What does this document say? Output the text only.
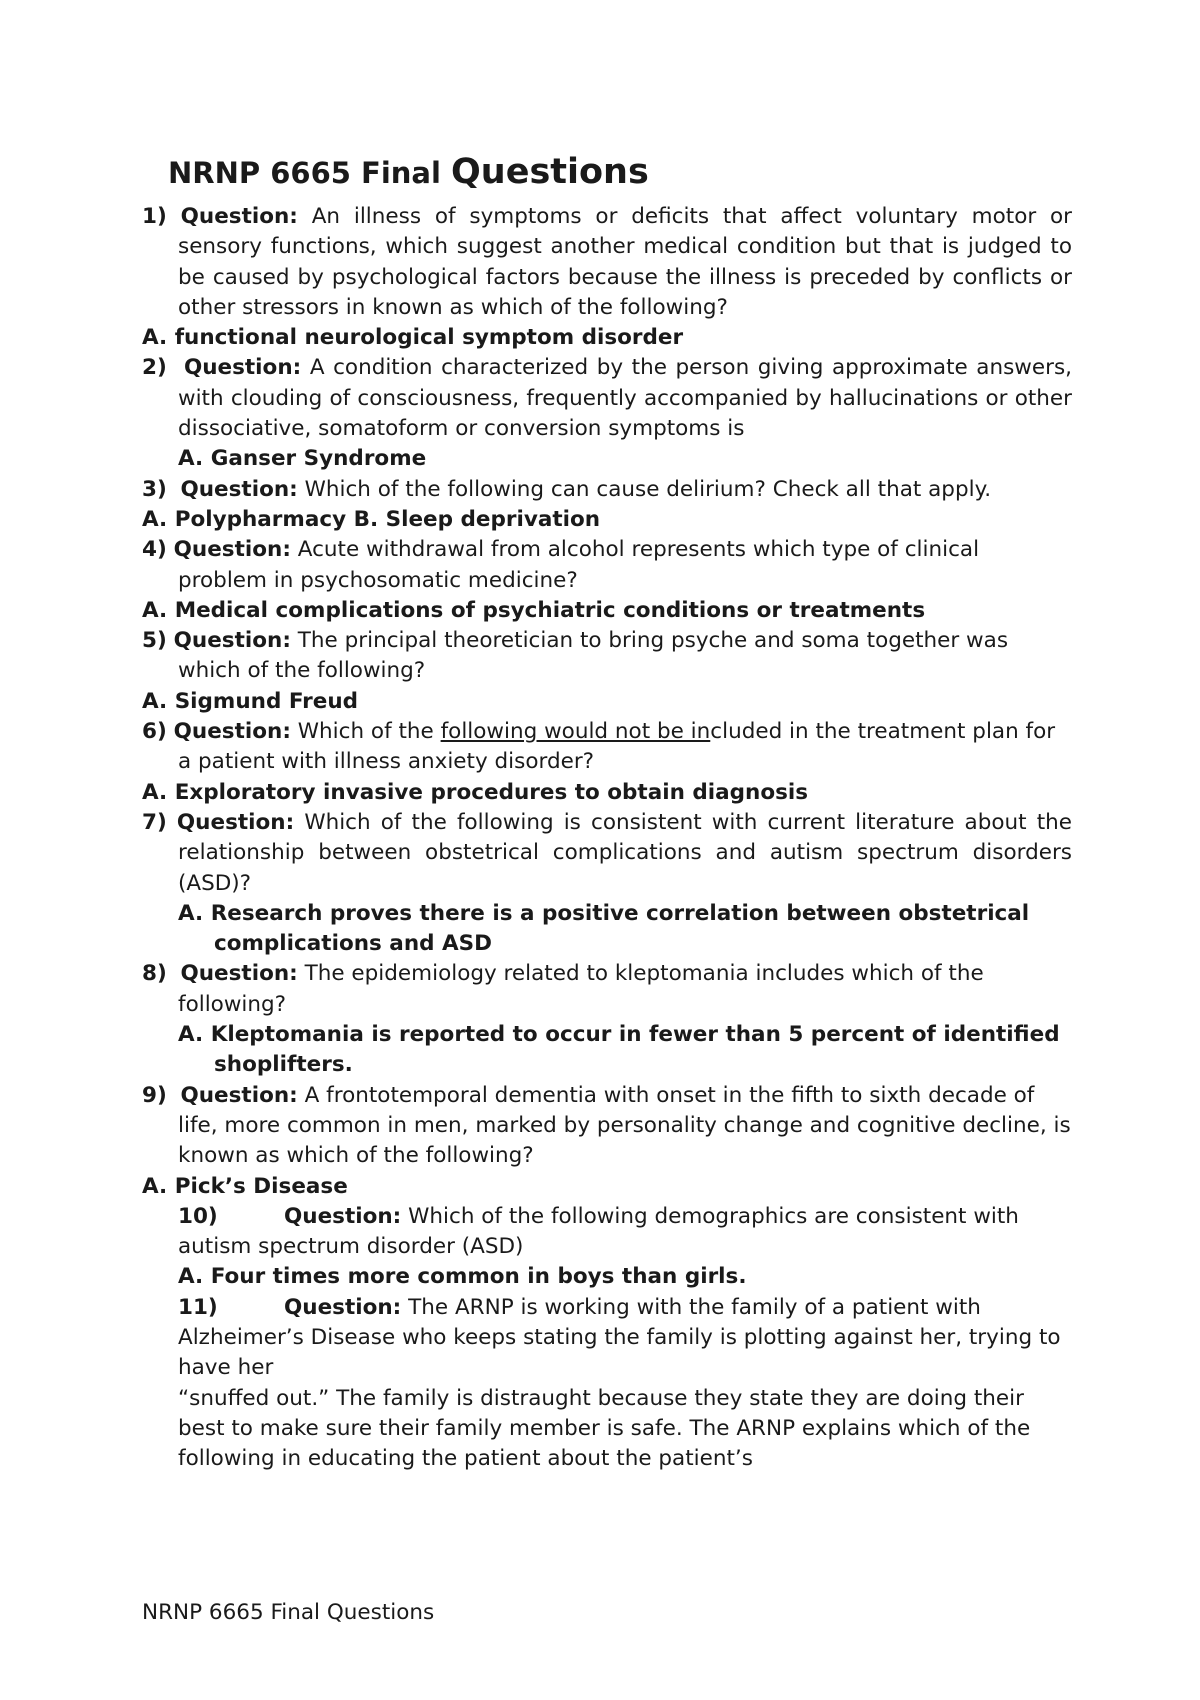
NRNP 6665 Final Questions

1) Question: An illness of symptoms or deficits that affect voluntary motor or sensory functions, which suggest another medical condition but that is judged to be caused by psychological factors because the illness is preceded by conflicts or other stressors in known as which of the following?

A. functional neurological symptom disorder

2) Question: A condition characterized by the person giving approximate answers, with clouding of consciousness, frequently accompanied by hallucinations or other dissociative, somatoform or conversion symptoms is

A. Ganser Syndrome

3) Question: Which of the following can cause delirium? Check all that apply.

A. Polypharmacy B. Sleep deprivation

4) Question: Acute withdrawal from alcohol represents which type of clinical problem in psychosomatic medicine?

A. Medical complications of psychiatric conditions or treatments

5) Question: The principal theoretician to bring psyche and soma together was which of the following?

A. Sigmund Freud

6) Question: Which of the following would not be included in the treatment plan for a patient with illness anxiety disorder?

A. Exploratory invasive procedures to obtain diagnosis

7) Question: Which of the following is consistent with current literature about the relationship between obstetrical complications and autism spectrum disorders (ASD)?

A. Research proves there is a positive correlation between obstetrical complications and ASD

8) Question: The epidemiology related to kleptomania includes which of the following?

A. Kleptomania is reported to occur in fewer than 5 percent of identified shoplifters.

9) Question: A frontotemporal dementia with onset in the fifth to sixth decade of life, more common in men, marked by personality change and cognitive decline, is known as which of the following?

A. Pick’s Disease

10)	Question: Which of the following demographics are consistent with autism spectrum disorder (ASD)

A. Four times more common in boys than girls.

11)	Question: The ARNP is working with the family of a patient with Alzheimer’s Disease who keeps stating the family is plotting against her, trying to have her

“snuffed out.” The family is distraught because they state they are doing their best to make sure their family member is safe. The ARNP explains which of the following in educating the patient about the patient’s

NRNP 6665 Final Questions
